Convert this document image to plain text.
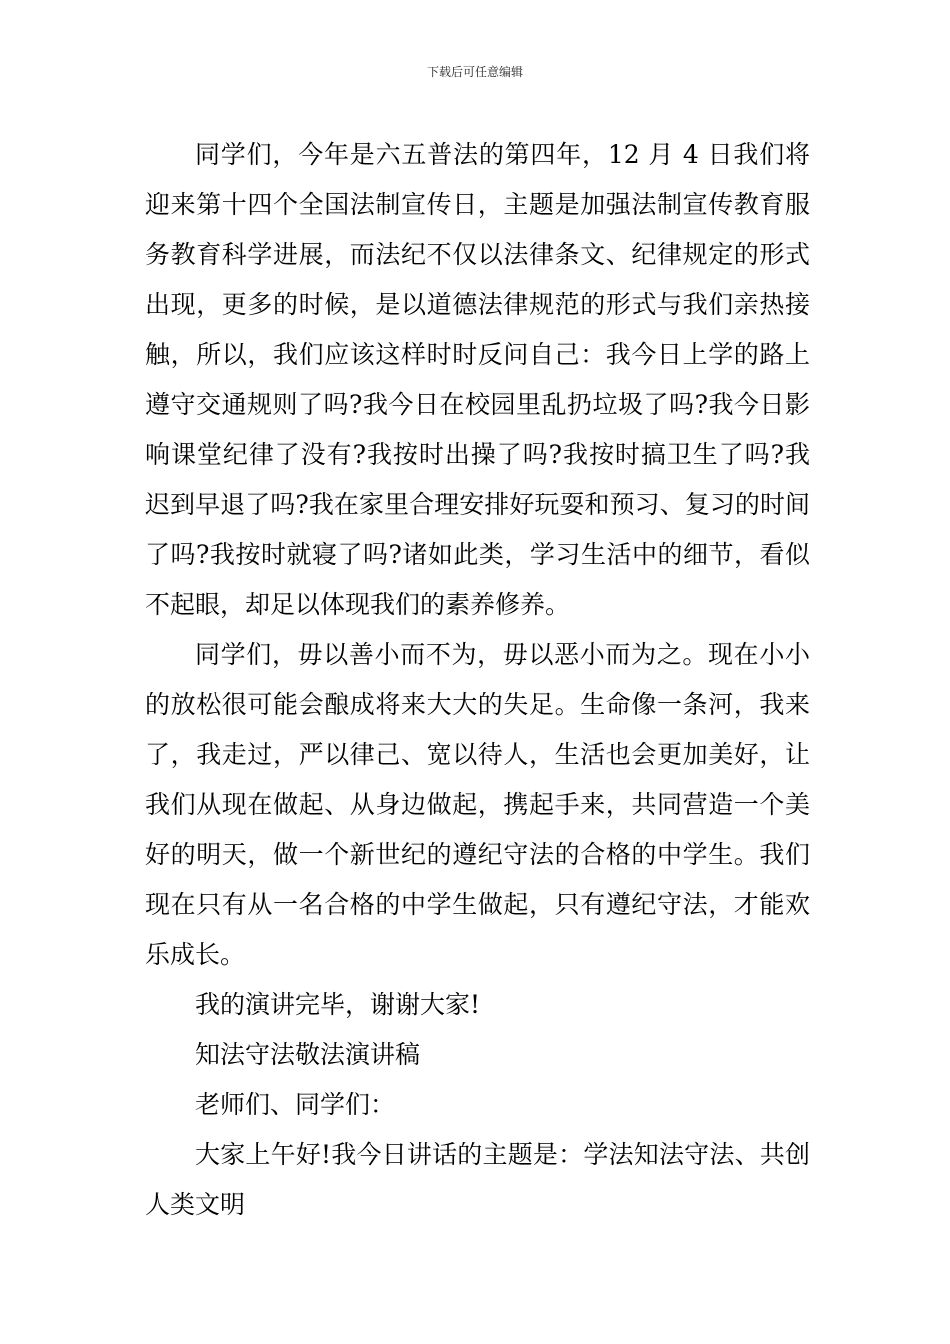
下载后可任意编辑

同学们，今年是六五普法的第四年，12 月 4 日我们将迎来第十四个全国法制宣传日，主题是加强法制宣传教育服务教育科学进展，而法纪不仅以法律条文、纪律规定的形式出现，更多的时候，是以道德法律规范的形式与我们亲热接触，所以，我们应该这样时时反问自己：我今日上学的路上遵守交通规则了吗?我今日在校园里乱扔垃圾了吗?我今日影响课堂纪律了没有?我按时出操了吗?我按时搞卫生了吗?我迟到早退了吗?我在家里合理安排好玩耍和预习、复习的时间了吗?我按时就寝了吗?诸如此类，学习生活中的细节，看似不起眼，却足以体现我们的素养修养。

同学们，毋以善小而不为，毋以恶小而为之。现在小小的放松很可能会酿成将来大大的失足。生命像一条河，我来了，我走过，严以律己、宽以待人，生活也会更加美好，让我们从现在做起、从身边做起，携起手来，共同营造一个美好的明天，做一个新世纪的遵纪守法的合格的中学生。我们现在只有从一名合格的中学生做起，只有遵纪守法，才能欢乐成长。

我的演讲完毕，谢谢大家!

知法守法敬法演讲稿

老师们、同学们：

大家上午好!我今日讲话的主题是：学法知法守法、共创人类文明
